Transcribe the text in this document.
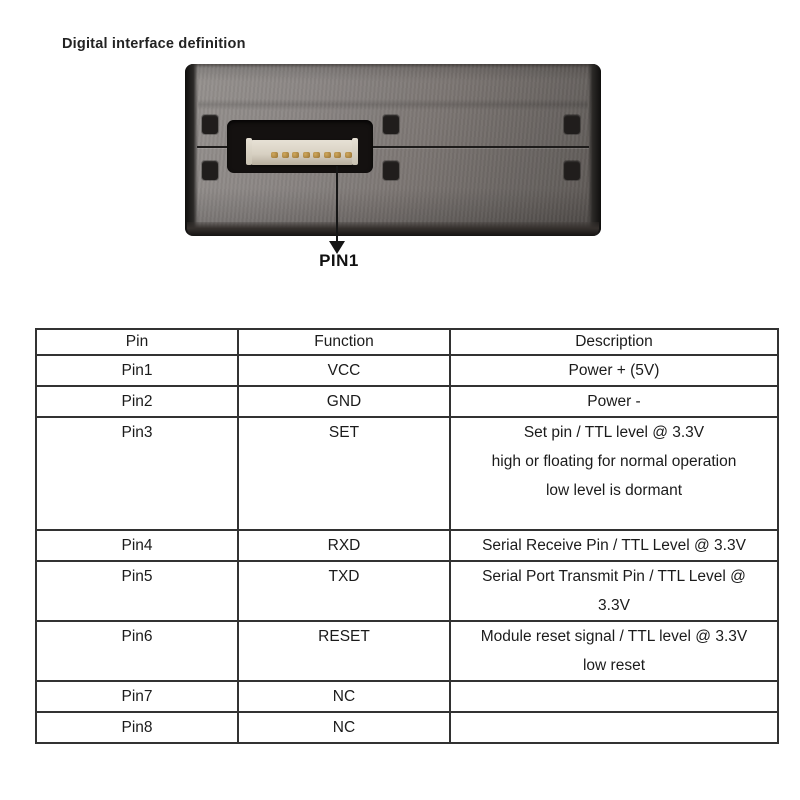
Digital interface definition
PIN1
Pin	Function	Description

Pin1	VCC	Power + (5V)

Pin2	GND	Power -

Pin3	SET	Set pin / TTL level @ 3.3V
high or floating for normal operation
low level is dormant

Pin4	RXD	Serial Receive Pin / TTL Level @ 3.3V

Pin5	TXD	Serial Port Transmit Pin / TTL Level @
3.3V

Pin6	RESET	Module reset signal / TTL level @ 3.3V
low reset

Pin7	NC	

Pin8	NC	
